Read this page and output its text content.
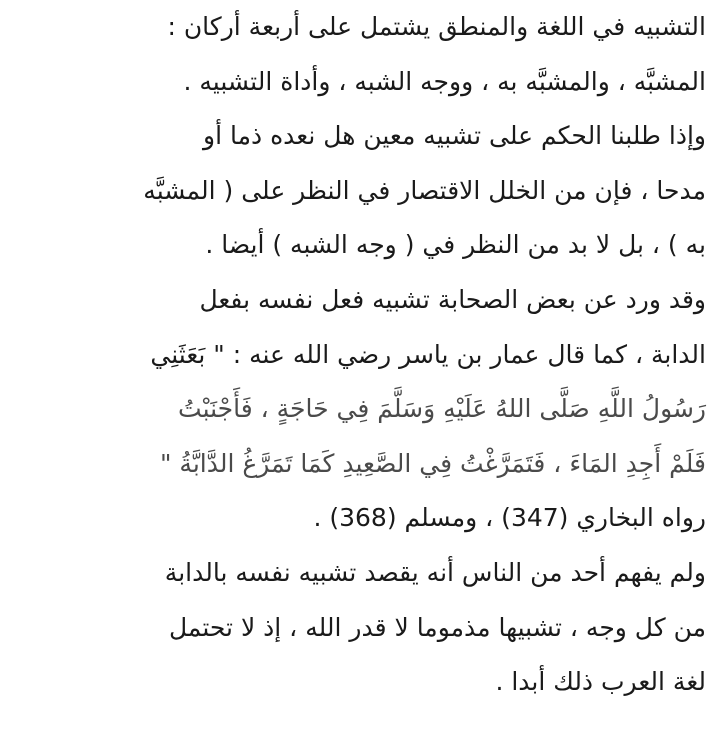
التشبيه في اللغة والمنطق يشتمل على أربعة أركان :
المشبَّه ، والمشبَّه به ، ووجه الشبه ، وأداة التشبيه .
وإذا طلبنا الحكم على تشبيه معين هل نعده ذما أو
مدحا ، فإن من الخلل الاقتصار في النظر على ( المشبَّه
به ) ، بل لا بد من النظر في ( وجه الشبه ) أيضا .
وقد ورد عن بعض الصحابة تشبيه فعل نفسه بفعل
الدابة ، كما قال عمار بن ياسر رضي الله عنه : " بَعَثَنِي
رَسُولُ اللَّهِ صَلَّى اللهُ عَلَيْهِ وَسَلَّمَ فِي حَاجَةٍ ، فَأَجْنَبْتُ
فَلَمْ أَجِدِ المَاءَ ، فَتَمَرَّغْتُ فِي الصَّعِيدِ كَمَا تَمَرَّغُ الدَّابَّةُ "
رواه البخاري (347) ، ومسلم (368) .
ولم يفهم أحد من الناس أنه يقصد تشبيه نفسه بالدابة
من كل وجه ، تشبيها مذموما لا قدر الله ، إذ لا تحتمل
لغة العرب ذلك أبدا .
